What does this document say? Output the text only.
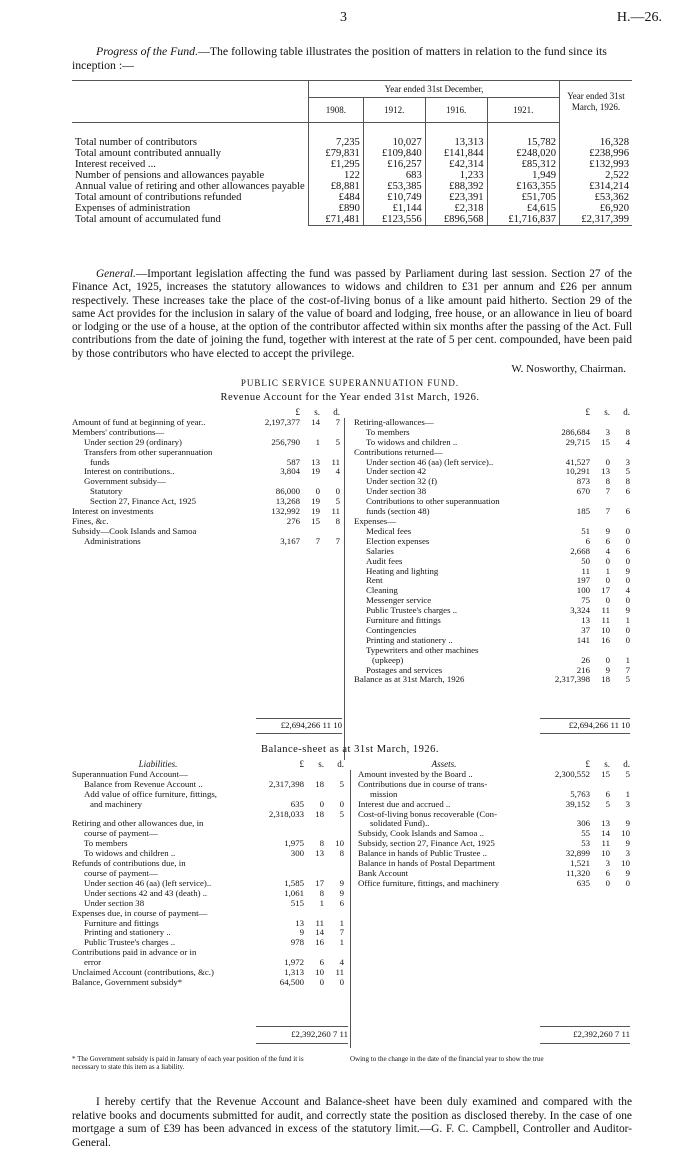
3	H.—26.
Progress of the Fund.—The following table illustrates the position of matters in relation to the fund since its inception :—
	Year ended 31st December,				Year ended 31st March, 1926.
	1908.	1912.	1916.	1921.	

Total number of contributors	7,235	10,027	13,313	15,782	16,328
Total amount contributed annually	£79,831	£109,840	£141,844	£248,020	£238,996
Interest received ...	£1,295	£16,257	£42,314	£85,312	£132,993
Number of pensions and allowances payable	122	683	1,233	1,949	2,522
Annual value of retiring and other allowances payable	£8,881	£53,385	£88,392	£163,355	£314,214
Total amount of contributions refunded	£484	£10,749	£23,391	£51,705	£53,362
Expenses of administration	£890	£1,144	£2,318	£4,615	£6,920
Total amount of accumulated fund	£71,481	£123,556	£896,568	£1,716,837	£2,317,399
General.—Important legislation affecting the fund was passed by Parliament during last session. Section 27 of the Finance Act, 1925, increases the statutory allowances to widows and children to £31 per annum and £26 per annum respectively. These increases take the place of the cost-of-living bonus of a like amount paid hitherto. Section 29 of the same Act provides for the inclusion in salary of the value of board and lodging, free house, or an allowance in lieu of board or lodging or the use of a house, at the option of the contributor affected within six months after the passing of the Act. Full contributions from the date of joining the fund, together with interest at the rate of 5 per cent. compounded, have been paid by those contributors who have elected to accept the privilege.
W. Nosworthy, Chairman.
PUBLIC SERVICE SUPERANNUATION FUND.
Revenue Account for the Year ended 31st March, 1926.
£	s.	d.
Amount of fund at beginning of year..	2,197,377	14	7
Members' contributions—
Under section 29 (ordinary)	256,790	1	5
Transfers from other superannuation
funds	587	13	11
Interest on contributions..	3,804	19	4
Government subsidy—
Statutory	86,000	0	0
Section 27, Finance Act, 1925	13,268	19	5
Interest on investments	132,992	19	11
Fines, &c.	276	15	8
Subsidy—Cook Islands and Samoa
Administrations	3,167	7	7
£	s.	d.
Retiring-allowances—
To members	286,684	3	8
To widows and children ..	29,715	15	4
Contributions returned—
Under section 46 (aa) (left service)..	41,527	0	3
Under section 42	10,291	13	5
Under section 32 (f)	873	8	8
Under section 38	670	7	6
Contributions to other superannuation
funds (section 48)	185	7	6
Expenses—
Medical fees	51	9	0
Election expenses	6	6	0
Salaries	2,668	4	6
Audit fees	50	0	0
Heating and lighting	11	1	9
Rent	197	0	0
Cleaning	100	17	4
Messenger service	75	0	0
Public Trustee's charges ..	3,324	11	9
Furniture and fittings	13	11	1
Contingencies	37	10	0
Printing and stationery ..	141	16	0
Typewriters and other machines
(upkeep)	26	0	1
Postages and services	216	9	7
Balance as at 31st March, 1926	2,317,398	18	5
£2,694,266 11 10	£2,694,266 11 10
Balance-sheet as at 31st March, 1926.
Liabilities.	£	s.	d.
Superannuation Fund Account—
Balance from Revenue Account ..	2,317,398	18	5
Add value of office furniture, fittings,
and machinery	635	0	0
2,318,033	18	5
Retiring and other allowances due, in
course of payment—
To members	1,975	8	10
To widows and children ..	300	13	8
Refunds of contributions due, in
course of payment—
Under section 46 (aa) (left service)..	1,585	17	9
Under sections 42 and 43 (death) ..	1,061	8	9
Under section 38	515	1	6
Expenses due, in course of payment—
Furniture and fittings	13	11	1
Printing and stationery ..	9	14	7
Public Trustee's charges ..	978	16	1
Contributions paid in advance or in
error	1,972	6	4
Unclaimed Account (contributions, &c.)	1,313	10	11
Balance, Government subsidy*	64,500	0	0
Assets.	£	s.	d.
Amount invested by the Board ..	2,300,552	15	5
Contributions due in course of trans-
mission	5,763	6	1
Interest due and accrued ..	39,152	5	3
Cost-of-living bonus recoverable (Con-
solidated Fund)..	306	13	9
Subsidy, Cook Islands and Samoa ..	55	14	10
Subsidy, section 27, Finance Act, 1925	53	11	9
Balance in hands of Public Trustee ..	32,899	10	3
Balance in hands of Postal Department	1,521	3	10
Bank Account	11,320	6	9
Office furniture, fittings, and machinery	635	0	0
£2,392,260 7 11	£2,392,260 7 11
* The Government subsidy is paid in January of each year position of the fund it is necessary to state this item as a liability.
Owing to the change in the date of the financial year to show the true
I hereby certify that the Revenue Account and Balance-sheet have been duly examined and compared with the relative books and documents submitted for audit, and correctly state the position as disclosed thereby. In the case of one mortgage a sum of £39 has been advanced in excess of the statutory limit.—G. F. C. Campbell, Controller and Auditor-General.
